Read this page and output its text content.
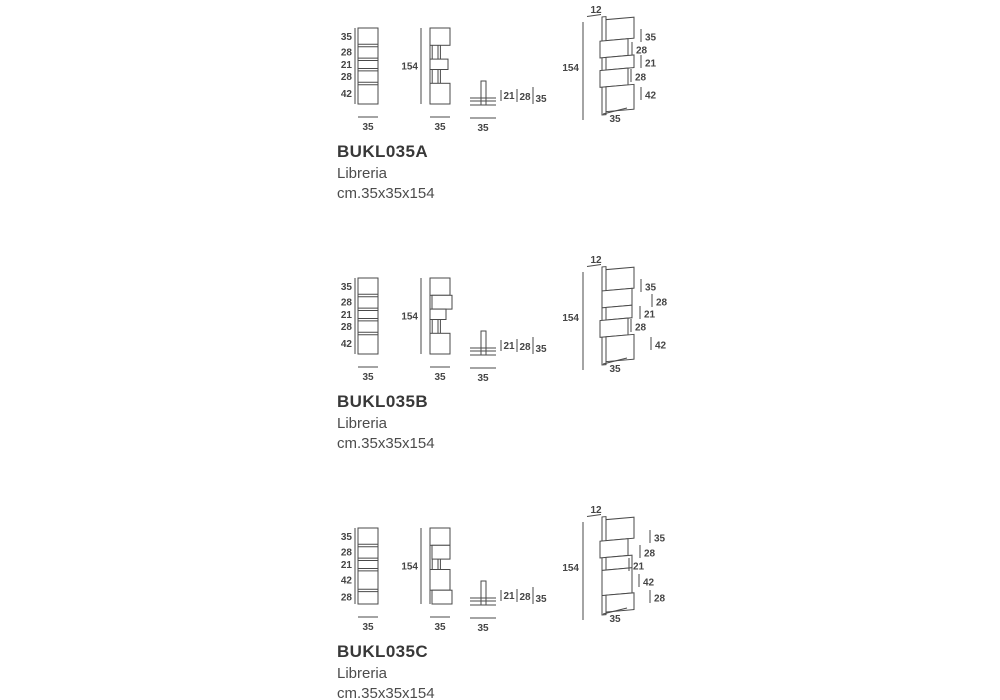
35
28
21
28
42
35
154
35
21 28 35
35
12
154
35
28
21
28
42
35
BUKL035A
Libreria
cm.35x35x154
35
28
21
28
42
35
154
35
21 28 35
35
12
154
35
28
21
28
42
35
BUKL035B
Libreria
cm.35x35x154
35
28
21
42
28
35
154
35
21 28 35
35
12
154
35
28
21
42
28
35
BUKL035C
Libreria
cm.35x35x154
